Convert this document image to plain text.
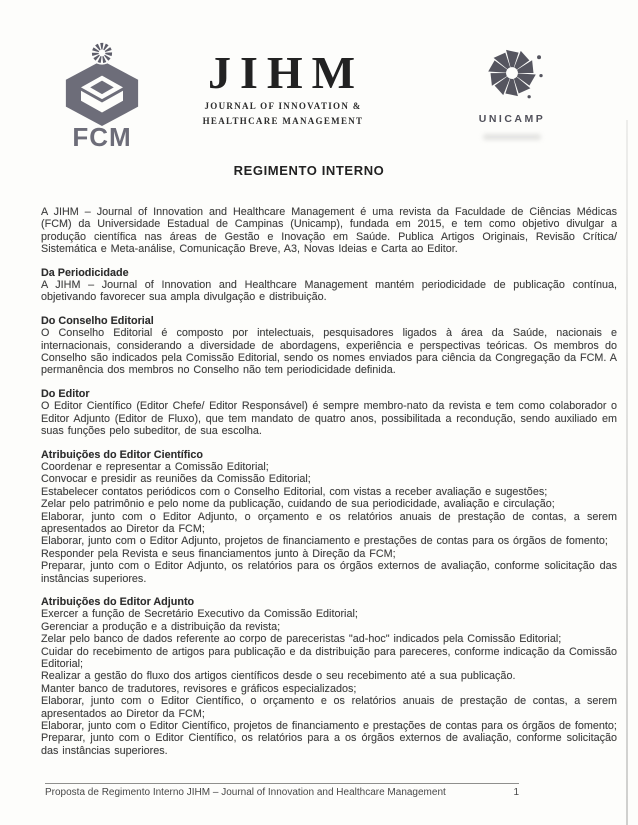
FCM
JIHM
JOURNAL OF INNOVATION &
HEALTHCARE MANAGEMENT	UNICAMP
REGIMENTO INTERNO

A JIHM – Journal of Innovation and Healthcare Management é uma revista da Faculdade de Ciências Médicas (FCM) da Universidade Estadual de Campinas (Unicamp), fundada em 2015, e tem como objetivo divulgar a produção científica nas áreas de Gestão e Inovação em Saúde. Publica Artigos Originais, Revisão Crítica/ Sistemática e Meta-análise, Comunicação Breve, A3, Novas Ideias e Carta ao Editor.

Da Periodicidade

A JIHM – Journal of Innovation and Healthcare Management mantém periodicidade de publicação contínua, objetivando favorecer sua ampla divulgação e distribuição.

Do Conselho Editorial

O Conselho Editorial é composto por intelectuais, pesquisadores ligados à área da Saúde, nacionais e internacionais, considerando a diversidade de abordagens, experiência e perspectivas teóricas. Os membros do Conselho são indicados pela Comissão Editorial, sendo os nomes enviados para ciência da Congregação da FCM. A permanência dos membros no Conselho não tem periodicidade definida.

Do Editor

O Editor Científico (Editor Chefe/ Editor Responsável) é sempre membro-nato da revista e tem como colaborador o Editor Adjunto (Editor de Fluxo), que tem mandato de quatro anos, possibilitada a recondução, sendo auxiliado em suas funções pelo subeditor, de sua escolha.

Atribuições do Editor Científico

Coordenar e representar a Comissão Editorial;

Convocar e presidir as reuniões da Comissão Editorial;

Estabelecer contatos periódicos com o Conselho Editorial, com vistas a receber avaliação e sugestões;

Zelar pelo patrimônio e pelo nome da publicação, cuidando de sua periodicidade, avaliação e circulação;

Elaborar, junto com o Editor Adjunto, o orçamento e os relatórios anuais de prestação de contas, a serem apresentados ao Diretor da FCM;

Elaborar, junto com o Editor Adjunto, projetos de financiamento e prestações de contas para os órgãos de fomento;

Responder pela Revista e seus financiamentos junto à Direção da FCM;

Preparar, junto com o Editor Adjunto, os relatórios para os órgãos externos de avaliação, conforme solicitação das instâncias superiores.

Atribuições do Editor Adjunto

Exercer a função de Secretário Executivo da Comissão Editorial;

Gerenciar a produção e a distribuição da revista;

Zelar pelo banco de dados referente ao corpo de pareceristas "ad-hoc" indicados pela Comissão Editorial;

Cuidar do recebimento de artigos para publicação e da distribuição para pareceres, conforme indicação da Comissão Editorial;

Realizar a gestão do fluxo dos artigos científicos desde o seu recebimento até a sua publicação.

Manter banco de tradutores, revisores e gráficos especializados;

Elaborar, junto com o Editor Científico, o orçamento e os relatórios anuais de prestação de contas, a serem apresentados ao Diretor da FCM;

Elaborar, junto com o Editor Científico, projetos de financiamento e prestações de contas para os órgãos de fomento;

Preparar, junto com o Editor Científico, os relatórios para a os órgãos externos de avaliação, conforme solicitação das instâncias superiores.

Proposta de Regimento Interno JIHM – Journal of Innovation and Healthcare Management	1
